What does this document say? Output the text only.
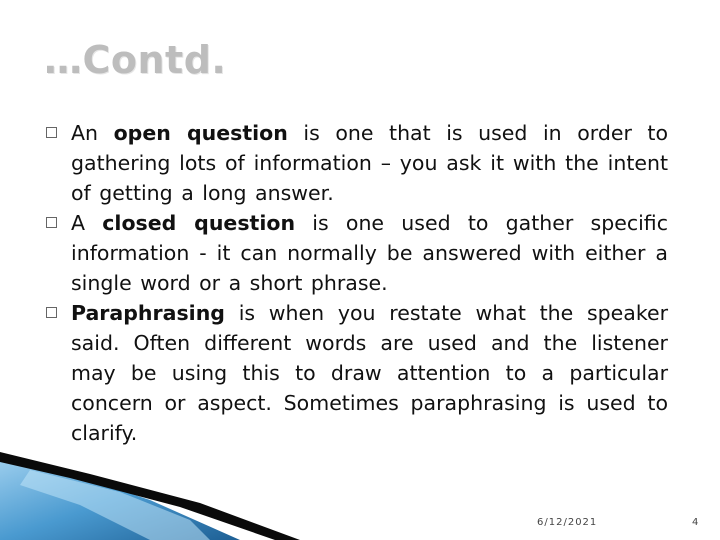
…Contd.
An open question is one that is used in order to gathering lots of information – you ask it with the intent of getting a long answer.
A closed question is one used to gather specific information - it can normally be answered with either a single word or a short phrase.
Paraphrasing is when you restate what the speaker said. Often different words are used and the listener may be using this to draw attention to a particular concern or aspect. Sometimes paraphrasing is used to clarify.
6/12/2021	4
